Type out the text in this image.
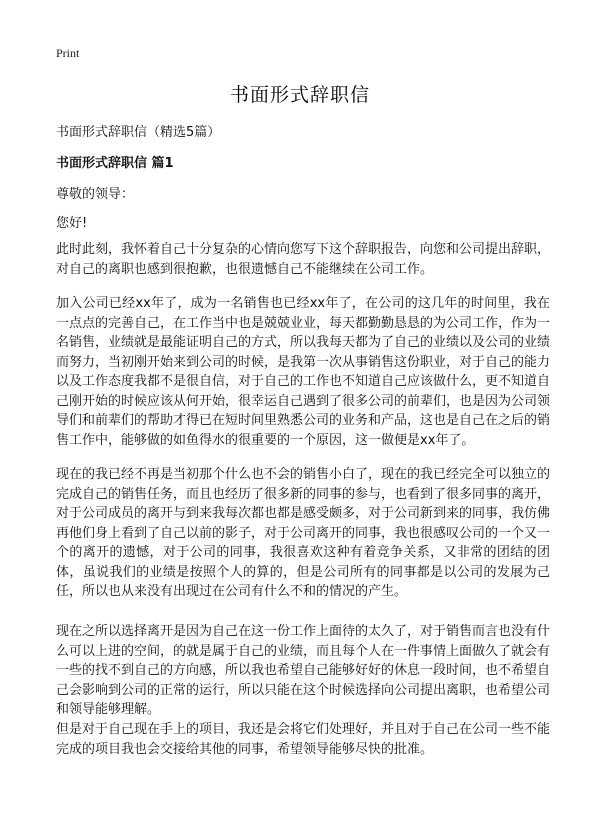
Print
书面形式辞职信
书面形式辞职信（精选5篇）
书面形式辞职信 篇1
尊敬的领导：
您好!

此时此刻，我怀着自己十分复杂的心情向您写下这个辞职报告，向您和公司提出辞职，对自己的离职也感到很抱歉，也很遗憾自己不能继续在公司工作。

加入公司已经xx年了，成为一名销售也已经xx年了，在公司的这几年的时间里，我在一点点的完善自己，在工作当中也是兢兢业业，每天都勤勤恳恳的为公司工作，作为一名销售，业绩就是最能证明自己的方式，所以我每天都为了自己的业绩以及公司的业绩而努力，当初刚开始来到公司的时候，是我第一次从事销售这份职业，对于自己的能力以及工作态度我都不是很自信，对于自己的工作也不知道自己应该做什么，更不知道自己刚开始的时候应该从何开始，很幸运自己遇到了很多公司的前辈们，也是因为公司领导们和前辈们的帮助才得已在短时间里熟悉公司的业务和产品，这也是自己在之后的销售工作中，能够做的如鱼得水的很重要的一个原因，这一做便是xx年了。

现在的我已经不再是当初那个什么也不会的销售小白了，现在的我已经完全可以独立的完成自己的销售任务，而且也经历了很多新的同事的参与，也看到了很多同事的离开，对于公司成员的离开与到来我每次都也都是感受颇多，对于公司新到来的同事，我仿佛再他们身上看到了自己以前的影子，对于公司离开的同事，我也很感叹公司的一个又一个的离开的遗憾，对于公司的同事，我很喜欢这种有着竞争关系，又非常的团结的团体，虽说我们的业绩是按照个人的算的，但是公司所有的同事都是以公司的发展为己任，所以也从来没有出现过在公司有什么不和的情况的产生。

现在之所以选择离开是因为自己在这一份工作上面待的太久了，对于销售而言也没有什么可以上进的空间，的就是属于自己的业绩，而且每个人在一件事情上面做久了就会有一些的找不到自己的方向感，所以我也希望自己能够好好的休息一段时间，也不希望自己会影响到公司的正常的运行，所以只能在这个时候选择向公司提出离职，也希望公司和领导能够理解。

但是对于自己现在手上的项目，我还是会将它们处理好，并且对于自己在公司一些不能完成的项目我也会交接给其他的同事，希望领导能够尽快的批准。
